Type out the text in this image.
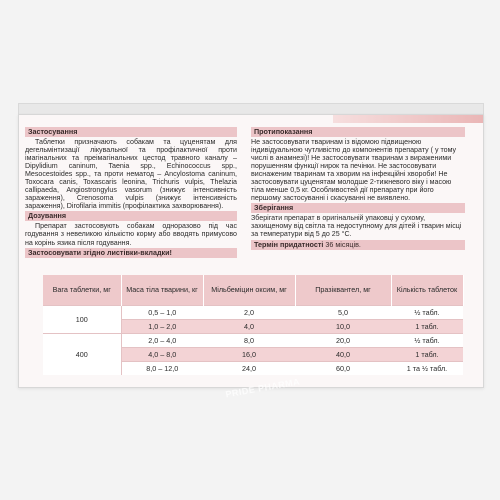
Застосування
Таблетки призначають собакам та цуценятам для дегельмінтизації лікувальної та профілактичної проти імагінальних та преімагінальних цестод травного каналу – Dipylidium caninum, Taenia spp., Echinococcus spp., Mesocestoides spp., та проти нематод – Ancylostoma caninum, Toxocara canis, Toxascaris leonina, Trichuris vulpis, Thelazia callipaeda, Angiostrongylus vasorum (знижує інтенсивність зараження), Crenosoma vulpis (знижує інтенсивність зараження), Dirofilaria immitis (профілактика захворювання).
Дозування
Препарат застосовують собакам одноразово під час годування з невеликою кількістю корму або вводять примусово на корінь язика після годування.
Застосовувати згідно листівки-вкладки!
Протипоказання
Не застосовувати тваринам із відомою підвищеною індивідуальною чутливістю до компонентів препарату ( у тому числі в анамнезі)! Не застосовувати тваринам з вираженими порушенням функції нирок та печінки. Не застосовувати виснаженим тваринам та хворим на інфекційні хвороби! Не застосовувати цуценятам молодше 2-тижневого віку і масою тіла менше 0,5 кг. Особливостей дії препарату при його першому застосуванні і скасуванні не виявлено.
Зберігання
Зберігати препарат в оригінальній упаковці у сухому, захищеному від світла та недоступному для дітей і тварин місці за температури від 5 до 25 °С.
Термін придатності 36 місяців.
Вага таблетки, мг	Маса тіла тварини, кг	Мільбеміцин оксим, мг	Празіквантел, мг	Кількість таблеток
100	0,5 – 1,0	2,0	5,0	½ табл.
	1,0 – 2,0	4,0	10,0	1 табл.
400	2,0 – 4,0	8,0	20,0	½ табл.
	4,0 – 8,0	16,0	40,0	1 табл.
	8,0 – 12,0	24,0	60,0	1 та ½ табл.
PRIDE PHARMA
